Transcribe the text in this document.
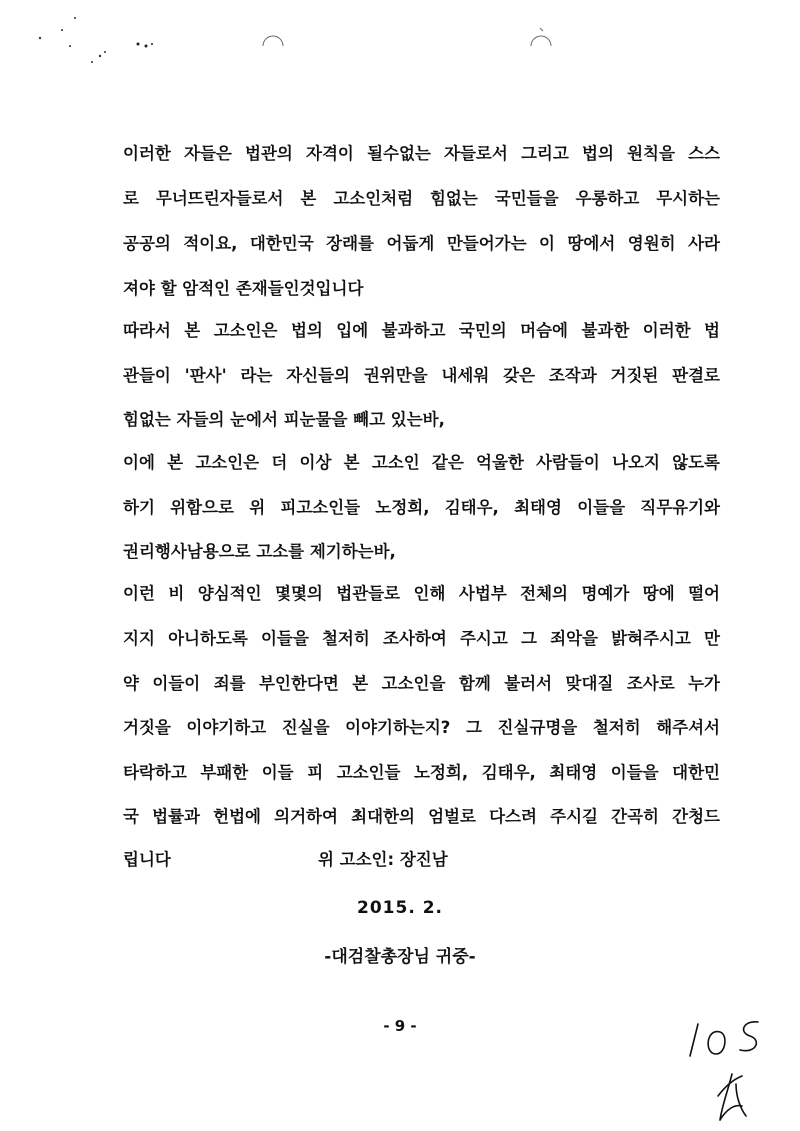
이러한 자들은 법관의 자격이 될수없는 자들로서 그리고 법의 원칙을 스스
로 무너뜨린자들로서 본 고소인처럼 힘없는 국민들을 우롱하고 무시하는
공공의 적이요, 대한민국 장래를 어둡게 만들어가는 이 땅에서 영원히 사라
져야 할 암적인 존재들인것입니다
따라서 본 고소인은 법의 입에 불과하고 국민의 머슴에 불과한 이러한 법
관들이 '판사' 라는 자신들의 권위만을 내세워 갖은 조작과 거짓된 판결로
힘없는 자들의 눈에서 피눈물을 빼고 있는바,
이에 본 고소인은 더 이상 본 고소인 같은 억울한 사람들이 나오지 않도록
하기 위함으로 위 피고소인들 노정희, 김태우, 최태영 이들을 직무유기와
권리행사남용으로 고소를 제기하는바,
이런 비 양심적인 몇몇의 법관들로 인해 사법부 전체의 명예가 땅에 떨어
지지 아니하도록 이들을 철저히 조사하여 주시고 그 죄악을 밝혀주시고 만
약 이들이 죄를 부인한다면 본 고소인을 함께 불러서 맞대질 조사로 누가
거짓을 이야기하고 진실을 이야기하는지? 그 진실규명을 철저히 해주셔서
타락하고 부패한 이들 피 고소인들 노정희, 김태우, 최태영 이들을 대한민
국 법률과 헌법에 의거하여 최대한의 엄벌로 다스려 주시길 간곡히 간청드
립니다	위 고소인: 장진남
2015. 2.
-대검찰총장님 귀중-
- 9 -
